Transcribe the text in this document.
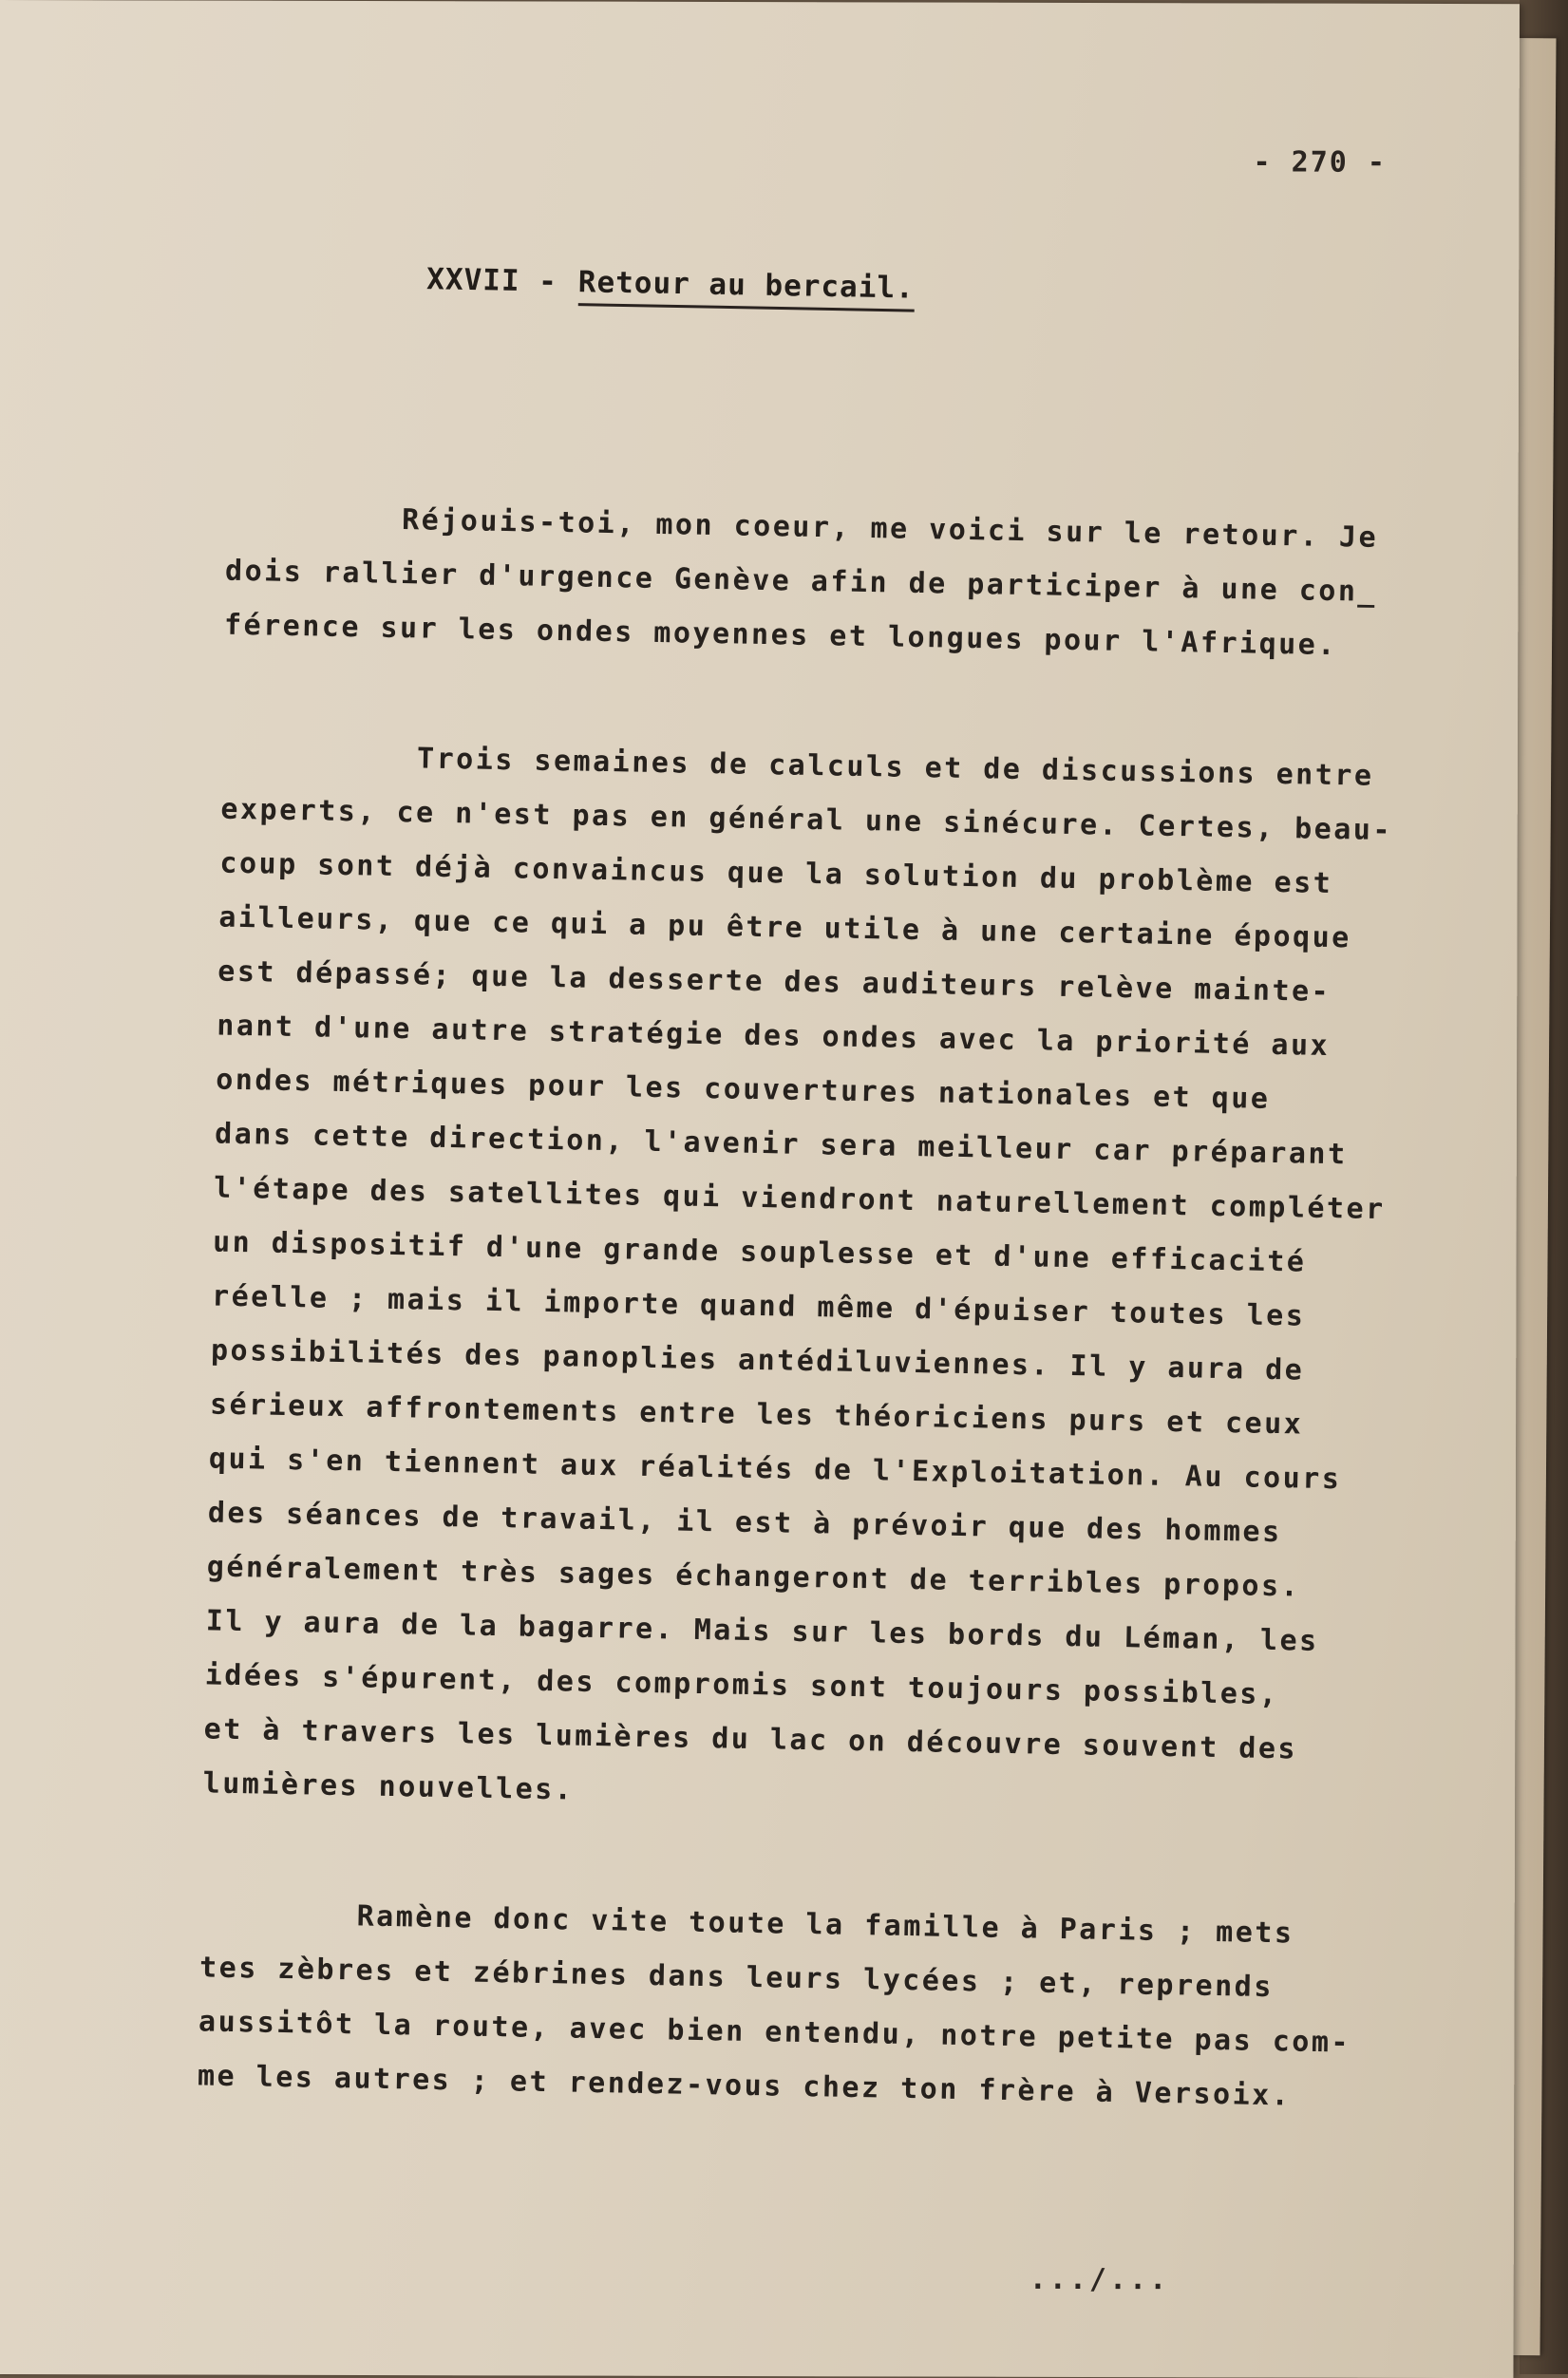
- 270 -
XXVII - Retour au bercail.
Réjouis-toi, mon coeur, me voici sur le retour. Je
dois rallier d'urgence Genève afin de participer à une con_
férence sur les ondes moyennes et longues pour l'Afrique.
Trois semaines de calculs et de discussions entre
experts, ce n'est pas en général une sinécure. Certes, beau-
coup sont déjà convaincus que la solution du problème est
ailleurs, que ce qui a pu être utile à une certaine époque
est dépassé; que la desserte des auditeurs relève mainte-
nant d'une autre stratégie des ondes avec la priorité aux
ondes métriques pour les couvertures nationales et que
dans cette direction, l'avenir sera meilleur car préparant
l'étape des satellites qui viendront naturellement compléter
un dispositif d'une grande souplesse et d'une efficacité
réelle ; mais il importe quand même d'épuiser toutes les
possibilités des panoplies antédiluviennes. Il y aura de
sérieux affrontements entre les théoriciens purs et ceux
qui s'en tiennent aux réalités de l'Exploitation. Au cours
des séances de travail, il est à prévoir que des hommes
généralement très sages échangeront de terribles propos.
Il y aura de la bagarre. Mais sur les bords du Léman, les
idées s'épurent, des compromis sont toujours possibles,
et à travers les lumières du lac on découvre souvent des
lumières nouvelles.
Ramène donc vite toute la famille à Paris ; mets
tes zèbres et zébrines dans leurs lycées ; et, reprends
aussitôt la route, avec bien entendu, notre petite pas com-
me les autres ; et rendez-vous chez ton frère à Versoix.
.../...
